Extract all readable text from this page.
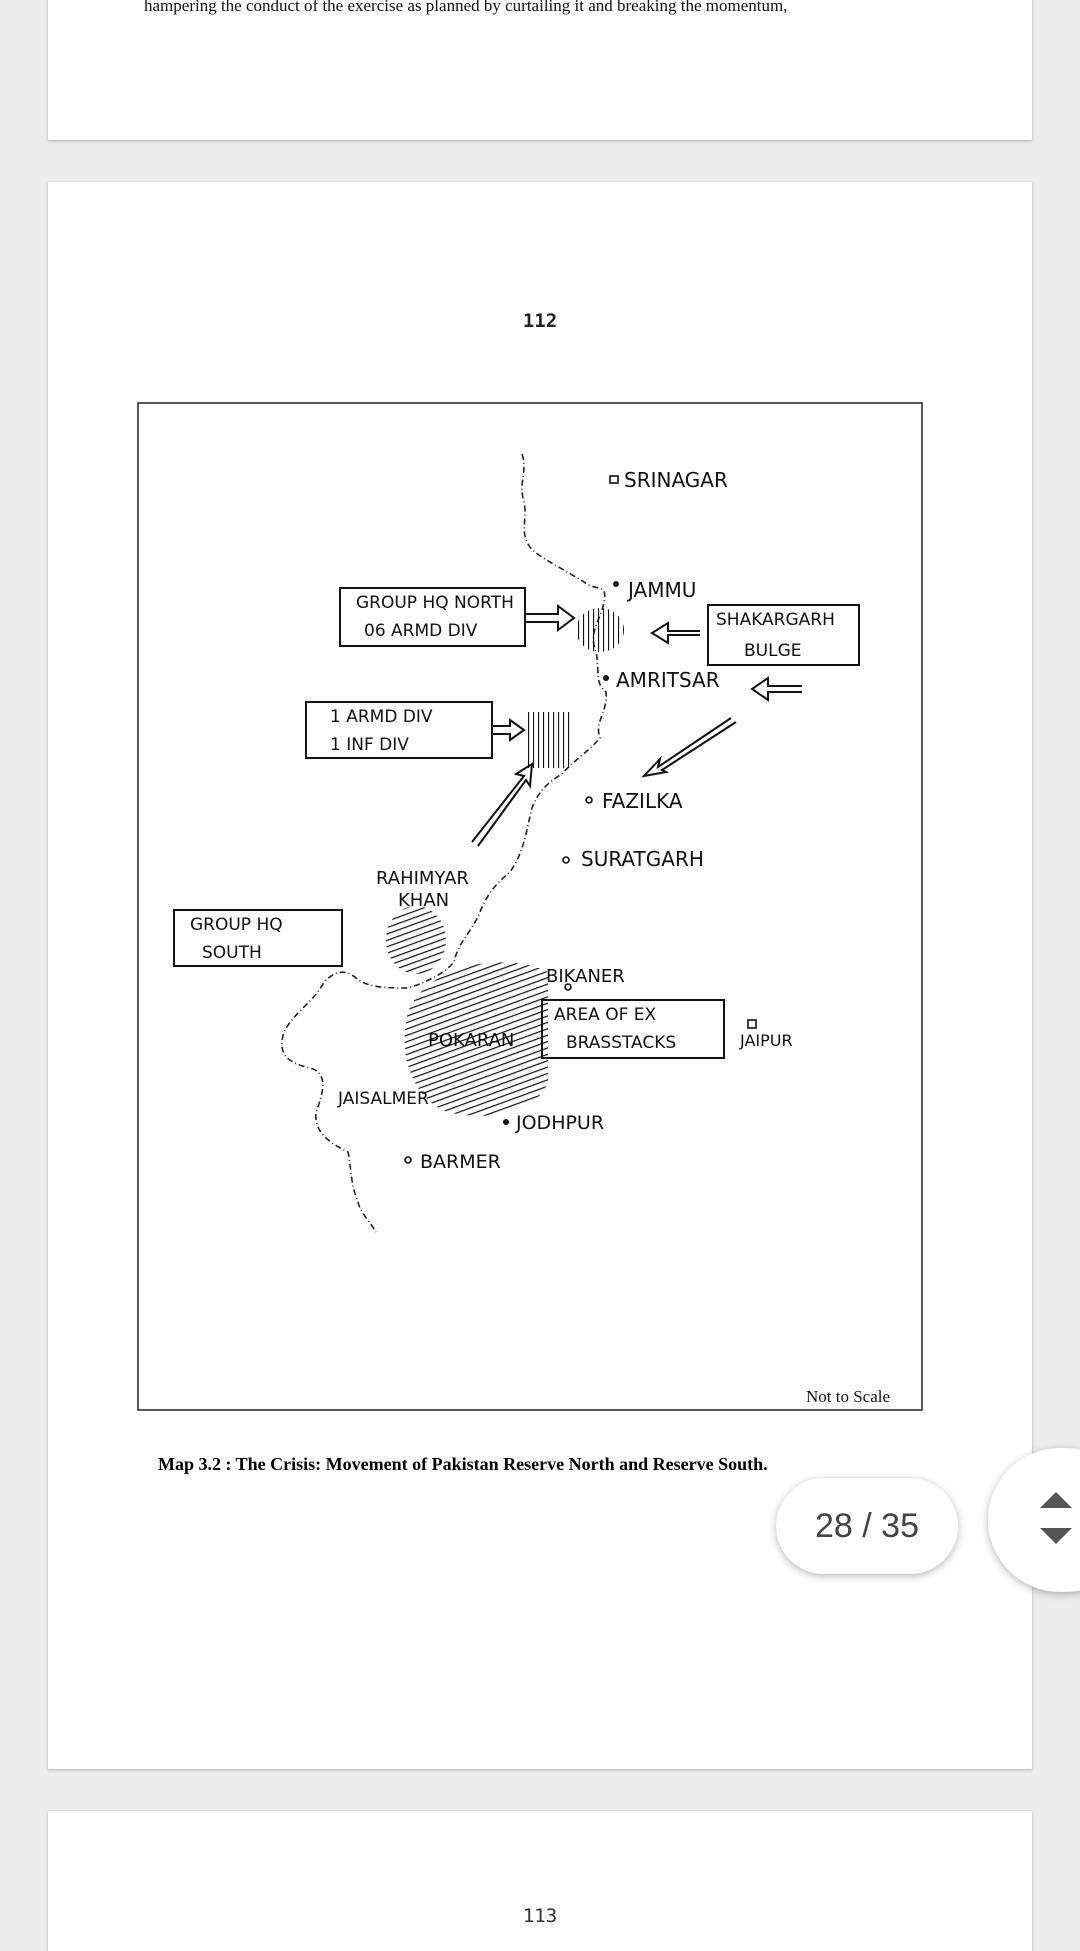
hampering the conduct of the exercise as planned by curtailing it and breaking the momentum,
112
SRINAGAR
JAMMU
AMRITSAR
FAZILKA
SURATGARH
RAHIMYAR
KHAN
BIKANER
POKARAN	JAIPUR
JAISALMER
JODHPUR
BARMER
GROUP HQ NORTH
06 ARMD DIV
SHAKARGARH
BULGE
1 ARMD DIV
1 INF DIV
GROUP HQ
SOUTH
AREA OF EX
BRASSTACKS
Not to Scale
Map 3.2 : The Crisis: Movement of Pakistan Reserve North and Reserve South.
113
28 / 35
